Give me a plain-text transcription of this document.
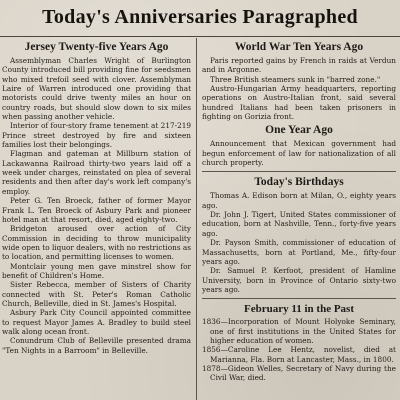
Today's Anniversaries Paragraphed
Jersey Twenty-five Years Ago

Assemblyman Charles Wright of Burlington County introduced bill providing fine for seedsmen who mixed trefoil seed with clover. Assemblyman Laire of Warren introduced one providing that motorists could drive twenty miles an hour on country roads, but should slow down to six miles when passing another vehicle.

Interior of four-story frame tenement at 217-219 Prince street destroyed by fire and sixteen families lost their belongings.

Flagman and gateman at Millburn station of Lackawanna Railroad thirty-two years laid off a week under charges, reinstated on plea of several residents and then after day's work left company's employ.

Peter G. Ten Broeck, father of former Mayor Frank L. Ten Broeck of Asbury Park and pioneer hotel man at that resort, died, aged eighty-two.

Bridgeton aroused over action of City Commission in deciding to throw municipality wide open to liquor dealers, with no restrictions as to location, and permitting licenses to women.

Montclair young men gave minstrel show for benefit of Children's Home.

Sister Rebecca, member of Sisters of Charity connected with St. Peter's Roman Catholic Church, Belleville, died in St. James's Hospital.

Asbury Park City Council appointed committee to request Mayor James A. Bradley to build steel walk along ocean front.

Conundrum Club of Belleville presented drama "Ten Nights in a Barroom" in Belleville.

World War Ten Years Ago

Paris reported gains by French in raids at Verdun and in Argonne.

Three British steamers sunk in "barred zone."

Austro-Hungarian Army headquarters, reporting operations on Austro-Italian front, said several hundred Italians had been taken prisoners in fighting on Gorizia front.

One Year Ago

Announcement that Mexican government had begun enforcement of law for nationalization of all church property.

Today's Birthdays

Thomas A. Edison born at Milan, O., eighty years ago.

Dr. John J. Tigert, United States commissioner of education, born at Nashville, Tenn., forty-five years ago.

Dr. Payson Smith, commissioner of education of Massachusetts, born at Portland, Me., fifty-four years ago.

Dr. Samuel P. Kerfoot, president of Hamline University, born in Province of Ontario sixty-two years ago.

February 11 in the Past

1836—Incorporation of Mount Holyoke Seminary, one of first institutions in the United States for higher education of women.

1856—Caroline Lee Hentz, novelist, died at Marianna, Fla. Born at Lancaster, Mass., in 1800.

1878—Gideon Welles, Secretary of Navy during the Civil War, died.
